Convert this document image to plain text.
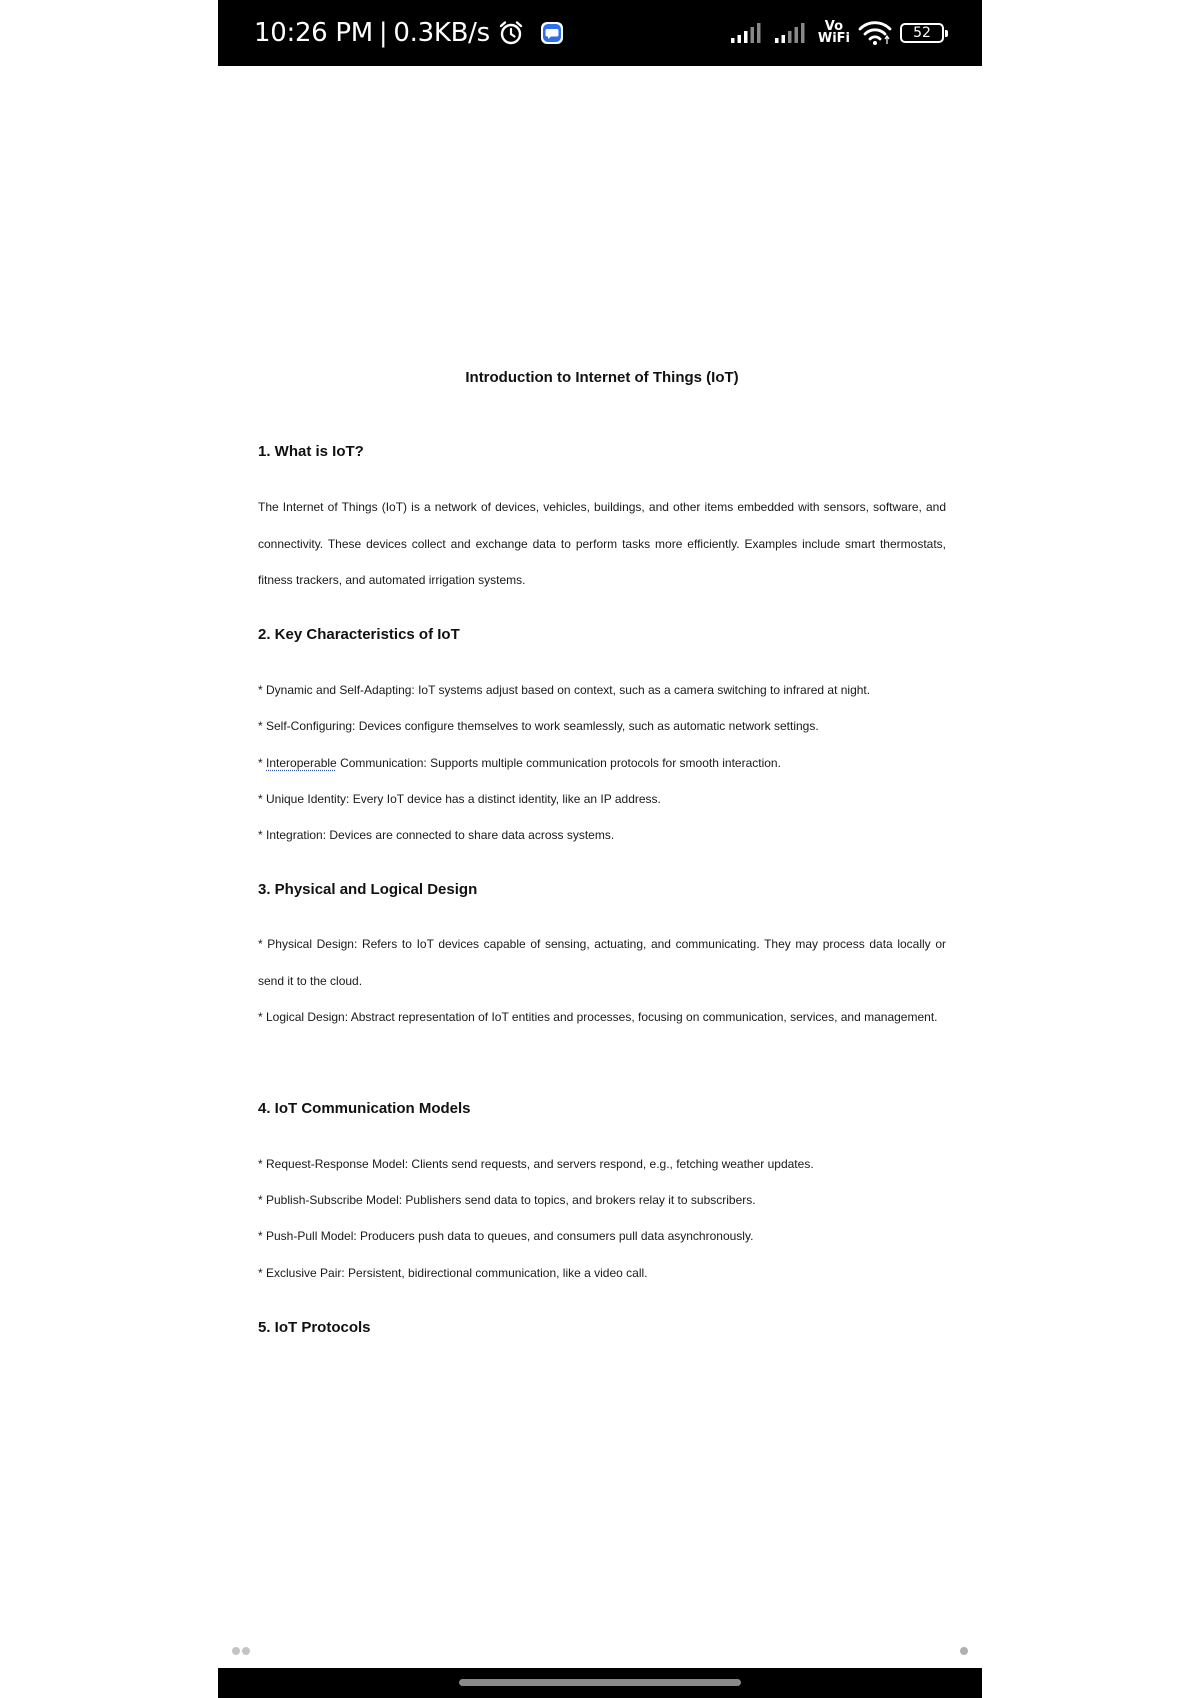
10:26 PM | 0.3KB/s	Vo
WiFi	52
Introduction to Internet of Things (IoT)
1. What is IoT?
The Internet of Things (IoT) is a network of devices, vehicles, buildings, and other items embedded with sensors, software, and connectivity. These devices collect and exchange data to perform tasks more efficiently. Examples include smart thermostats, fitness trackers, and automated irrigation systems.
2. Key Characteristics of IoT
* Dynamic and Self-Adapting: IoT systems adjust based on context, such as a camera switching to infrared at night.
* Self-Configuring: Devices configure themselves to work seamlessly, such as automatic network settings.
* Interoperable Communication: Supports multiple communication protocols for smooth interaction.
* Unique Identity: Every IoT device has a distinct identity, like an IP address.
* Integration: Devices are connected to share data across systems.
3. Physical and Logical Design
* Physical Design: Refers to IoT devices capable of sensing, actuating, and communicating. They may process data locally or send it to the cloud.
* Logical Design: Abstract representation of IoT entities and processes, focusing on communication, services, and management.
4. IoT Communication Models
* Request-Response Model: Clients send requests, and servers respond, e.g., fetching weather updates.
* Publish-Subscribe Model: Publishers send data to topics, and brokers relay it to subscribers.
* Push-Pull Model: Producers push data to queues, and consumers pull data asynchronously.
* Exclusive Pair: Persistent, bidirectional communication, like a video call.
5. IoT Protocols
